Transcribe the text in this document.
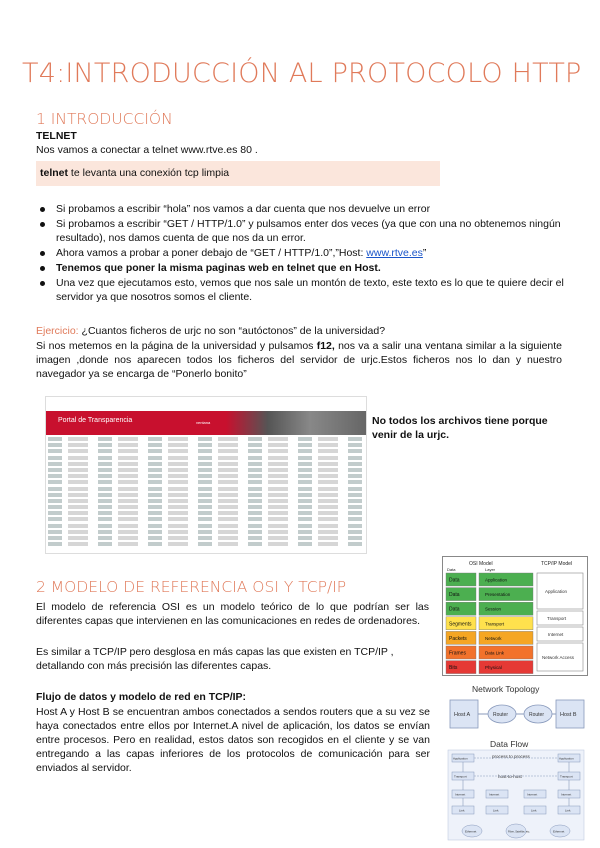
T4:INTRODUCCIÓN AL PROTOCOLO HTTP
1 INTRODUCCIÓN
TELNET
Nos vamos a conectar a telnet www.rtve.es 80 .
telnet te levanta una conexión tcp limpia
Si probamos a escribir “hola” nos vamos a dar cuenta que nos devuelve un error
Si probamos a escribir “GET / HTTP/1.0” y pulsamos enter dos veces (ya que con una no obtenemos ningún resultado), nos damos cuenta de que nos da un error.
Ahora vamos a probar a poner debajo de “GET / HTTP/1.0”,”Host: www.rtve.es”
Tenemos que poner la misma paginas web en telnet que en Host.
Una vez que ejecutamos esto, vemos que nos sale un montón de texto, este texto es lo que te quiere decir el servidor ya que nosotros somos el cliente.
Ejercicio: ¿Cuantos ficheros de urjc no son “autóctonos” de la universidad?
Si nos metemos en la página de la universidad y pulsamos f12, nos va a salir una ventana similar a la siguiente imagen ,donde nos aparecen todos los ficheros del servidor de urjc.Estos ficheros nos lo dan y nuestro navegador ya se encarga de “Ponerlo bonito”
Portal de Transparencia	ventana	No todos los archivos tiene porque venir de la urjc.
2 MODELO DE REFERENCIA OSI Y TCP/IP
El modelo de referencia OSI es un modelo teórico de lo que podrían ser las diferentes capas que intervienen en las comunicaciones en redes de ordenadores.
Es similar a TCP/IP pero desglosa en más capas las que existen en TCP/IP , detallando con más precisión las diferentes capas.
Flujo de datos y modelo de red en TCP/IP:
Host A y Host B se encuentran ambos conectados a sendos routers que a su vez se haya conectados entre ellos por Internet.A nivel de aplicación, los datos se envían entre procesos. Pero en realidad, estos datos son recogidos en el cliente y se van entregando a las capas inferiores de los protocolos de comunicación para ser enviados al servidor.
OSI Model
Data	Layer
TCP/IP Model
Data	Application
Data	Presentation
Data	Session
Segments	Transport
Packets	Network
Frames	Data Link
Bits	Physical
Application
Transport
Internet
Network Access
Network Topology
Host A	Router	Router	Host B
Data Flow
Application	process to process	Application
Transport	host-to-host	Transport
Internet	Internet	Internet	Internet
Link	Link	Link	Link
Ethernet	Fiber, Satellite, etc.	Ethernet
